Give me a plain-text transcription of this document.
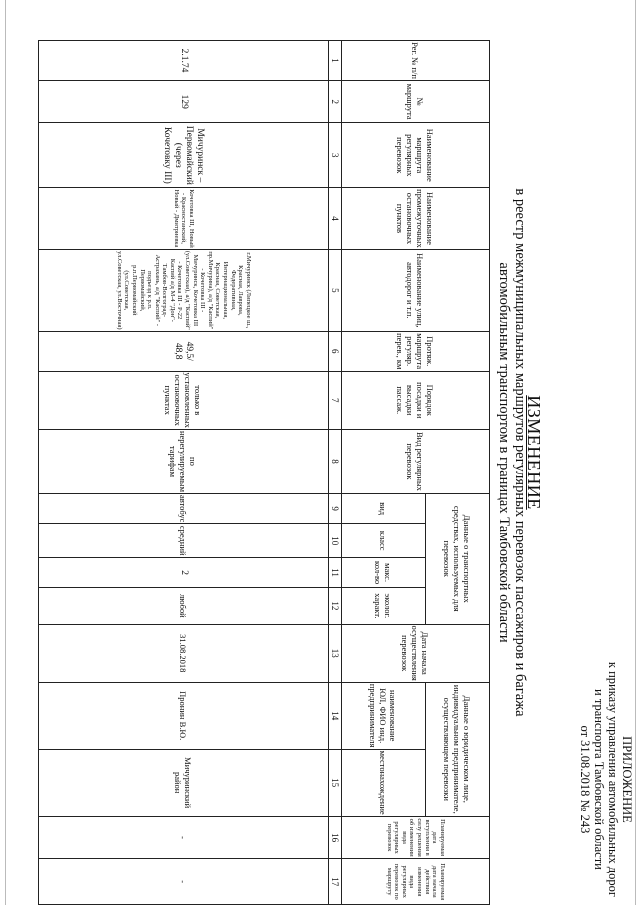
ПРИЛОЖЕНИЕ
к приказу управления автомобильных дорог
и транспорта Тамбовской области
от 31.08.2018 № 243
ИЗМЕНЕНИЕ
в реестр межмуниципальных маршрутов регулярных перевозок пассажиров и багажа
автомобильным транспортом в границах Тамбовской области
Рег. № п/п	№ маршрута	Наименование маршрута регулярных перевозок	Наименование промежуточных остановочных пунктов	Наименование улиц, автодорог и т.п.	Протяж. маршрута регуляр. перев., км	Порядок посадки и высадки пассаж.	Вид регулярных перевозок	Данные о транспортных средствах, используемых для перевозок				Дата начала осуществления перевозок	Данные о юридическом лице, индивидуальном предпринимателе, осуществляющем перевозки		Планируемая дата вступления в силу решения об изменении вида регулярных перевозок	Планируемая дата начала действия изменения вида регулярных перевозок по маршруту
								вид	класс	макс. кол-во	эколог. характ.		наименование ЮЛ, ФИО инд. предпринимателя	местонахождение		
1	2	3	4	5	6	7	8	9	10	11	12	13	14	15	16	17
2.1.74	129	Мичуринск – Первомайский (через Кочетовку III)	Кочетовка III, Новый - Красностанский, Новый - Дмитриевка	г.Мичуринск (Липецкое ш., Красная, Лаврова, Федеративная, Интернациональная, Красная, Советская, пр.Мичурина), а/д "Каспий" - Кочетовка III - Мичуринск, Кочетовка III (ул.Советская), а/д "Каспий" - Кочетовка III - Р-22 Каспий а/д М-4 "Дон"-Тамбов-Волгоград-Астрахань, а/д "Каспий" - подъезд к р.п. Первомайский, р.п.Первомайский (ул.Советская, ул.Советская, ул.Восточная)	49,5/ 48,8	только в установленных остановочных пунктах	по нерегулируемым тарифам	автобус	средний	2	любой	31.08.2018	Пронин В.Ю.	Мичуринский район	-	-
